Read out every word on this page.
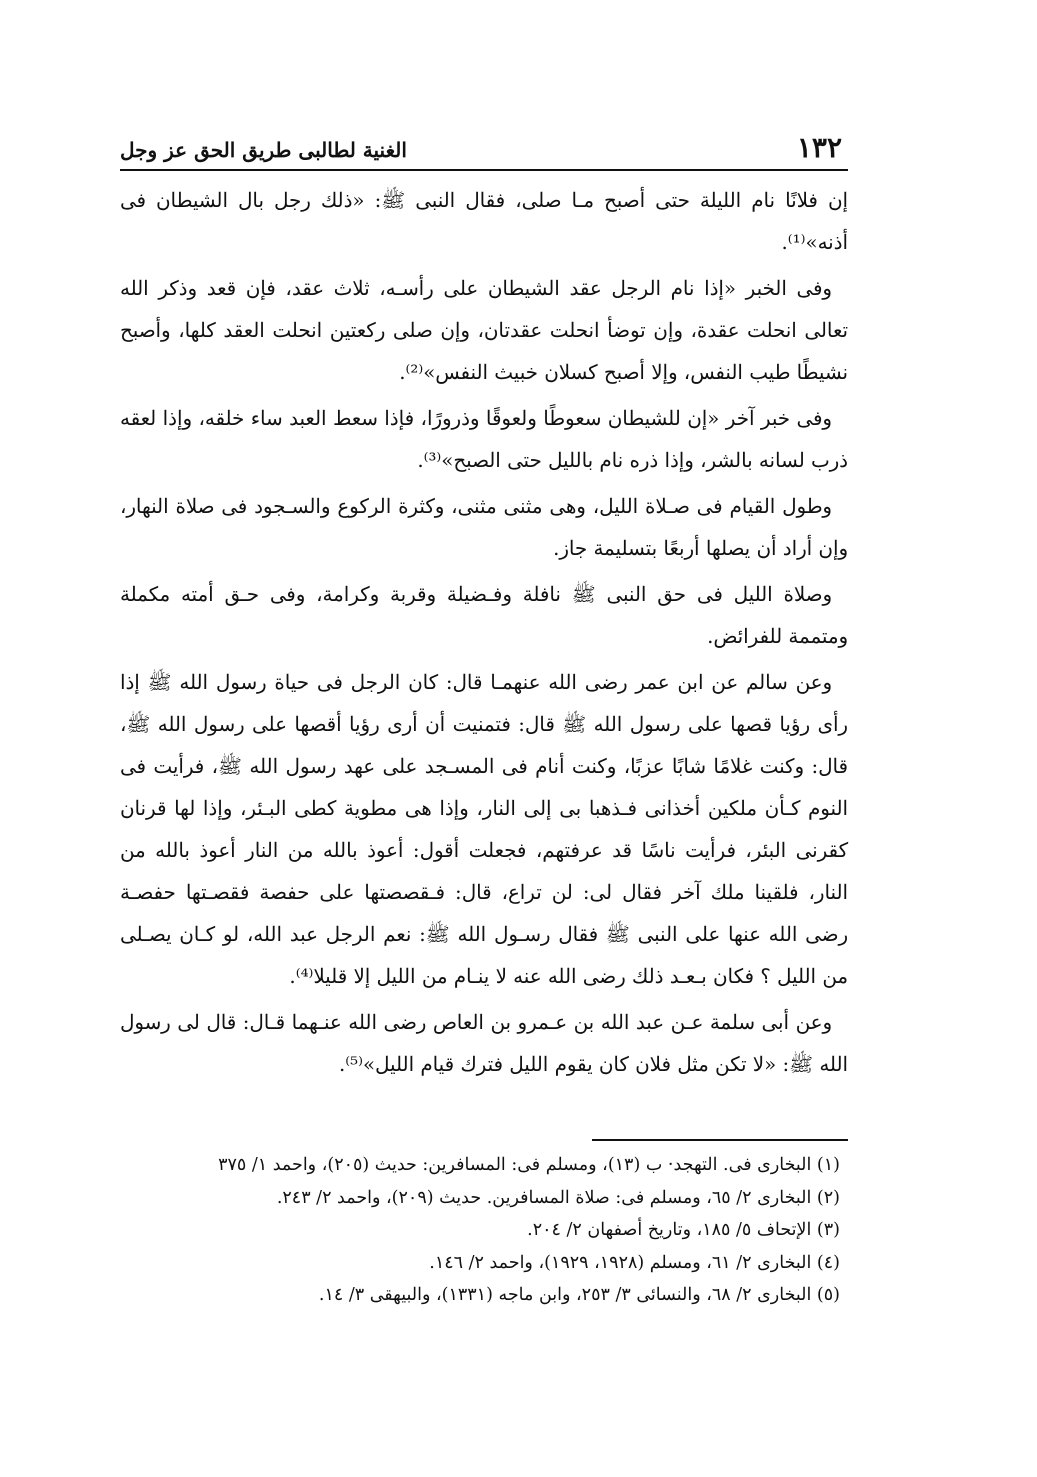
١٣٢
الغنية لطالبى طريق الحق عز وجل

إن فلانًا نام الليلة حتى أصبح مـا صلى، فقال النبى ﷺ: «ذلك رجل بال الشيطان فى أذنه»⁽¹⁾.

وفى الخبر «إذا نام الرجل عقد الشيطان على رأسـه، ثلاث عقد، فإن قعد وذكر الله تعالى انحلت عقدة، وإن توضأ انحلت عقدتان، وإن صلى ركعتين انحلت العقد كلها، وأصبح نشيطًا طيب النفس، وإلا أصبح كسلان خبيث النفس»⁽²⁾.

وفى خبر آخر «إن للشيطان سعوطًا ولعوقًا وذرورًا، فإذا سعط العبد ساء خلقه، وإذا لعقه ذرب لسانه بالشر، وإذا ذره نام بالليل حتى الصبح»⁽³⁾.

وطول القيام فى صـلاة الليل، وهى مثنى مثنى، وكثرة الركوع والسـجود فى صلاة النهار، وإن أراد أن يصلها أربعًا بتسليمة جاز.

وصلاة الليل فى حق النبى ﷺ نافلة وفـضيلة وقربة وكرامة، وفى حـق أمته مكملة ومتممة للفرائض.

وعن سالم عن ابن عمر رضى الله عنهمـا قال: كان الرجل فى حياة رسول الله ﷺ إذا رأى رؤيا قصها على رسول الله ﷺ قال: فتمنيت أن أرى رؤيا أقصها على رسول الله ﷺ، قال: وكنت غلامًا شابًا عزبًا، وكنت أنام فى المسـجد على عهد رسول الله ﷺ، فرأيت فى النوم كـأن ملكين أخذانى فـذهبا بى إلى النار، وإذا هى مطوية كطى البـئر، وإذا لها قرنان كقرنى البئر، فرأيت ناسًا قد عرفتهم، فجعلت أقول: أعوذ بالله من النار أعوذ بالله من النار، فلقينا ملك آخر فقال لى: لن تراع، قال: فـقصصتها على حفصة فقصـتها حفصـة رضى الله عنها على النبى ﷺ فقال رسـول الله ﷺ: نعم الرجل عبد الله، لو كـان يصـلى من الليل ؟ فكان بـعـد ذلك رضى الله عنه لا ينـام من الليل إلا قليلا⁽⁴⁾.

وعن أبى سلمة عـن عبد الله بن عـمرو بن العاص رضى الله عنـهما قـال: قال لى رسول الله ﷺ: «لا تكن مثل فلان كان يقوم الليل فترك قيام الليل»⁽⁵⁾.

(١) البخارى فى. التهجد· ب (١٣)، ومسلم فى: المسافرين: حديث (٢٠٥)، واحمد ١/ ٣٧٥

(٢) البخارى ٢/ ٦٥، ومسلم فى: صلاة المسافرين. حديث (٢٠٩)، واحمد ٢/ ٢٤٣.

(٣) الإتحاف ٥/ ١٨٥، وتاريخ أصفهان ٢/ ٢٠٤.

(٤) البخارى ٢/ ٦١، ومسلم (١٩٢٨، ١٩٢٩)، واحمد ٢/ ١٤٦.

(٥) البخارى ٢/ ٦٨، والنسائى ٣/ ٢٥٣، وابن ماجه (١٣٣١)، والبيهقى ٣/ ١٤.
